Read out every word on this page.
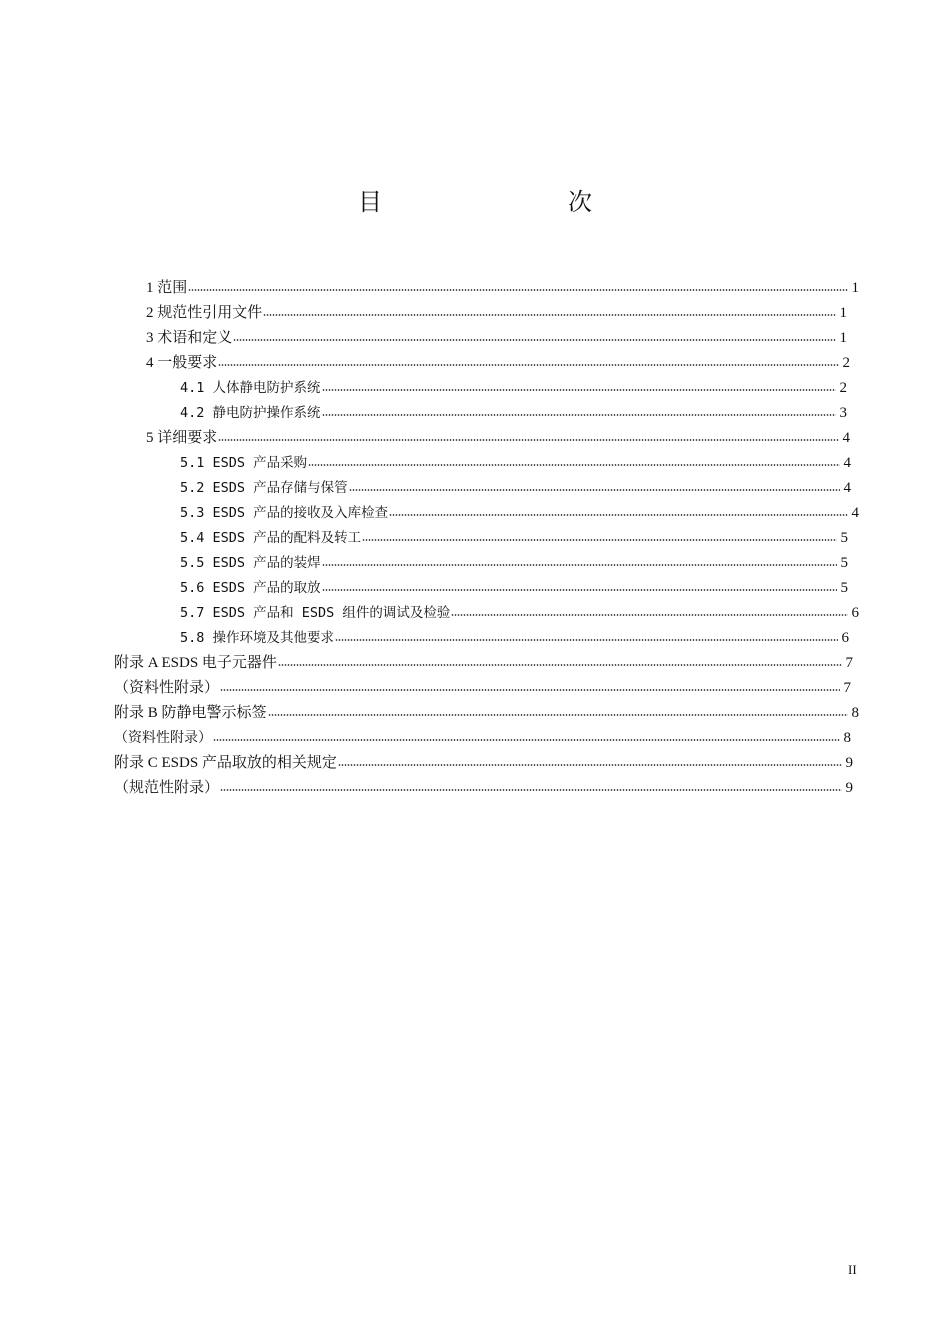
目　　次
1 范围	1
2 规范性引用文件	1
3 术语和定义	1
4 一般要求	2
4.1 人体静电防护系统	2
4.2 静电防护操作系统	3
5 详细要求	4
5.1 ESDS 产品采购	4
5.2 ESDS 产品存储与保管	4
5.3 ESDS 产品的接收及入库检查	4
5.4 ESDS 产品的配料及转工	5
5.5 ESDS 产品的装焊	5
5.6 ESDS 产品的取放	5
5.7 ESDS 产品和 ESDS 组件的调试及检验	6
5.8 操作环境及其他要求	6
附录 A ESDS 电子元器件	7
（资料性附录）	7
附录 B 防静电警示标签	8
（资料性附录）	8
附录 C ESDS 产品取放的相关规定	9
（规范性附录）	9
II
